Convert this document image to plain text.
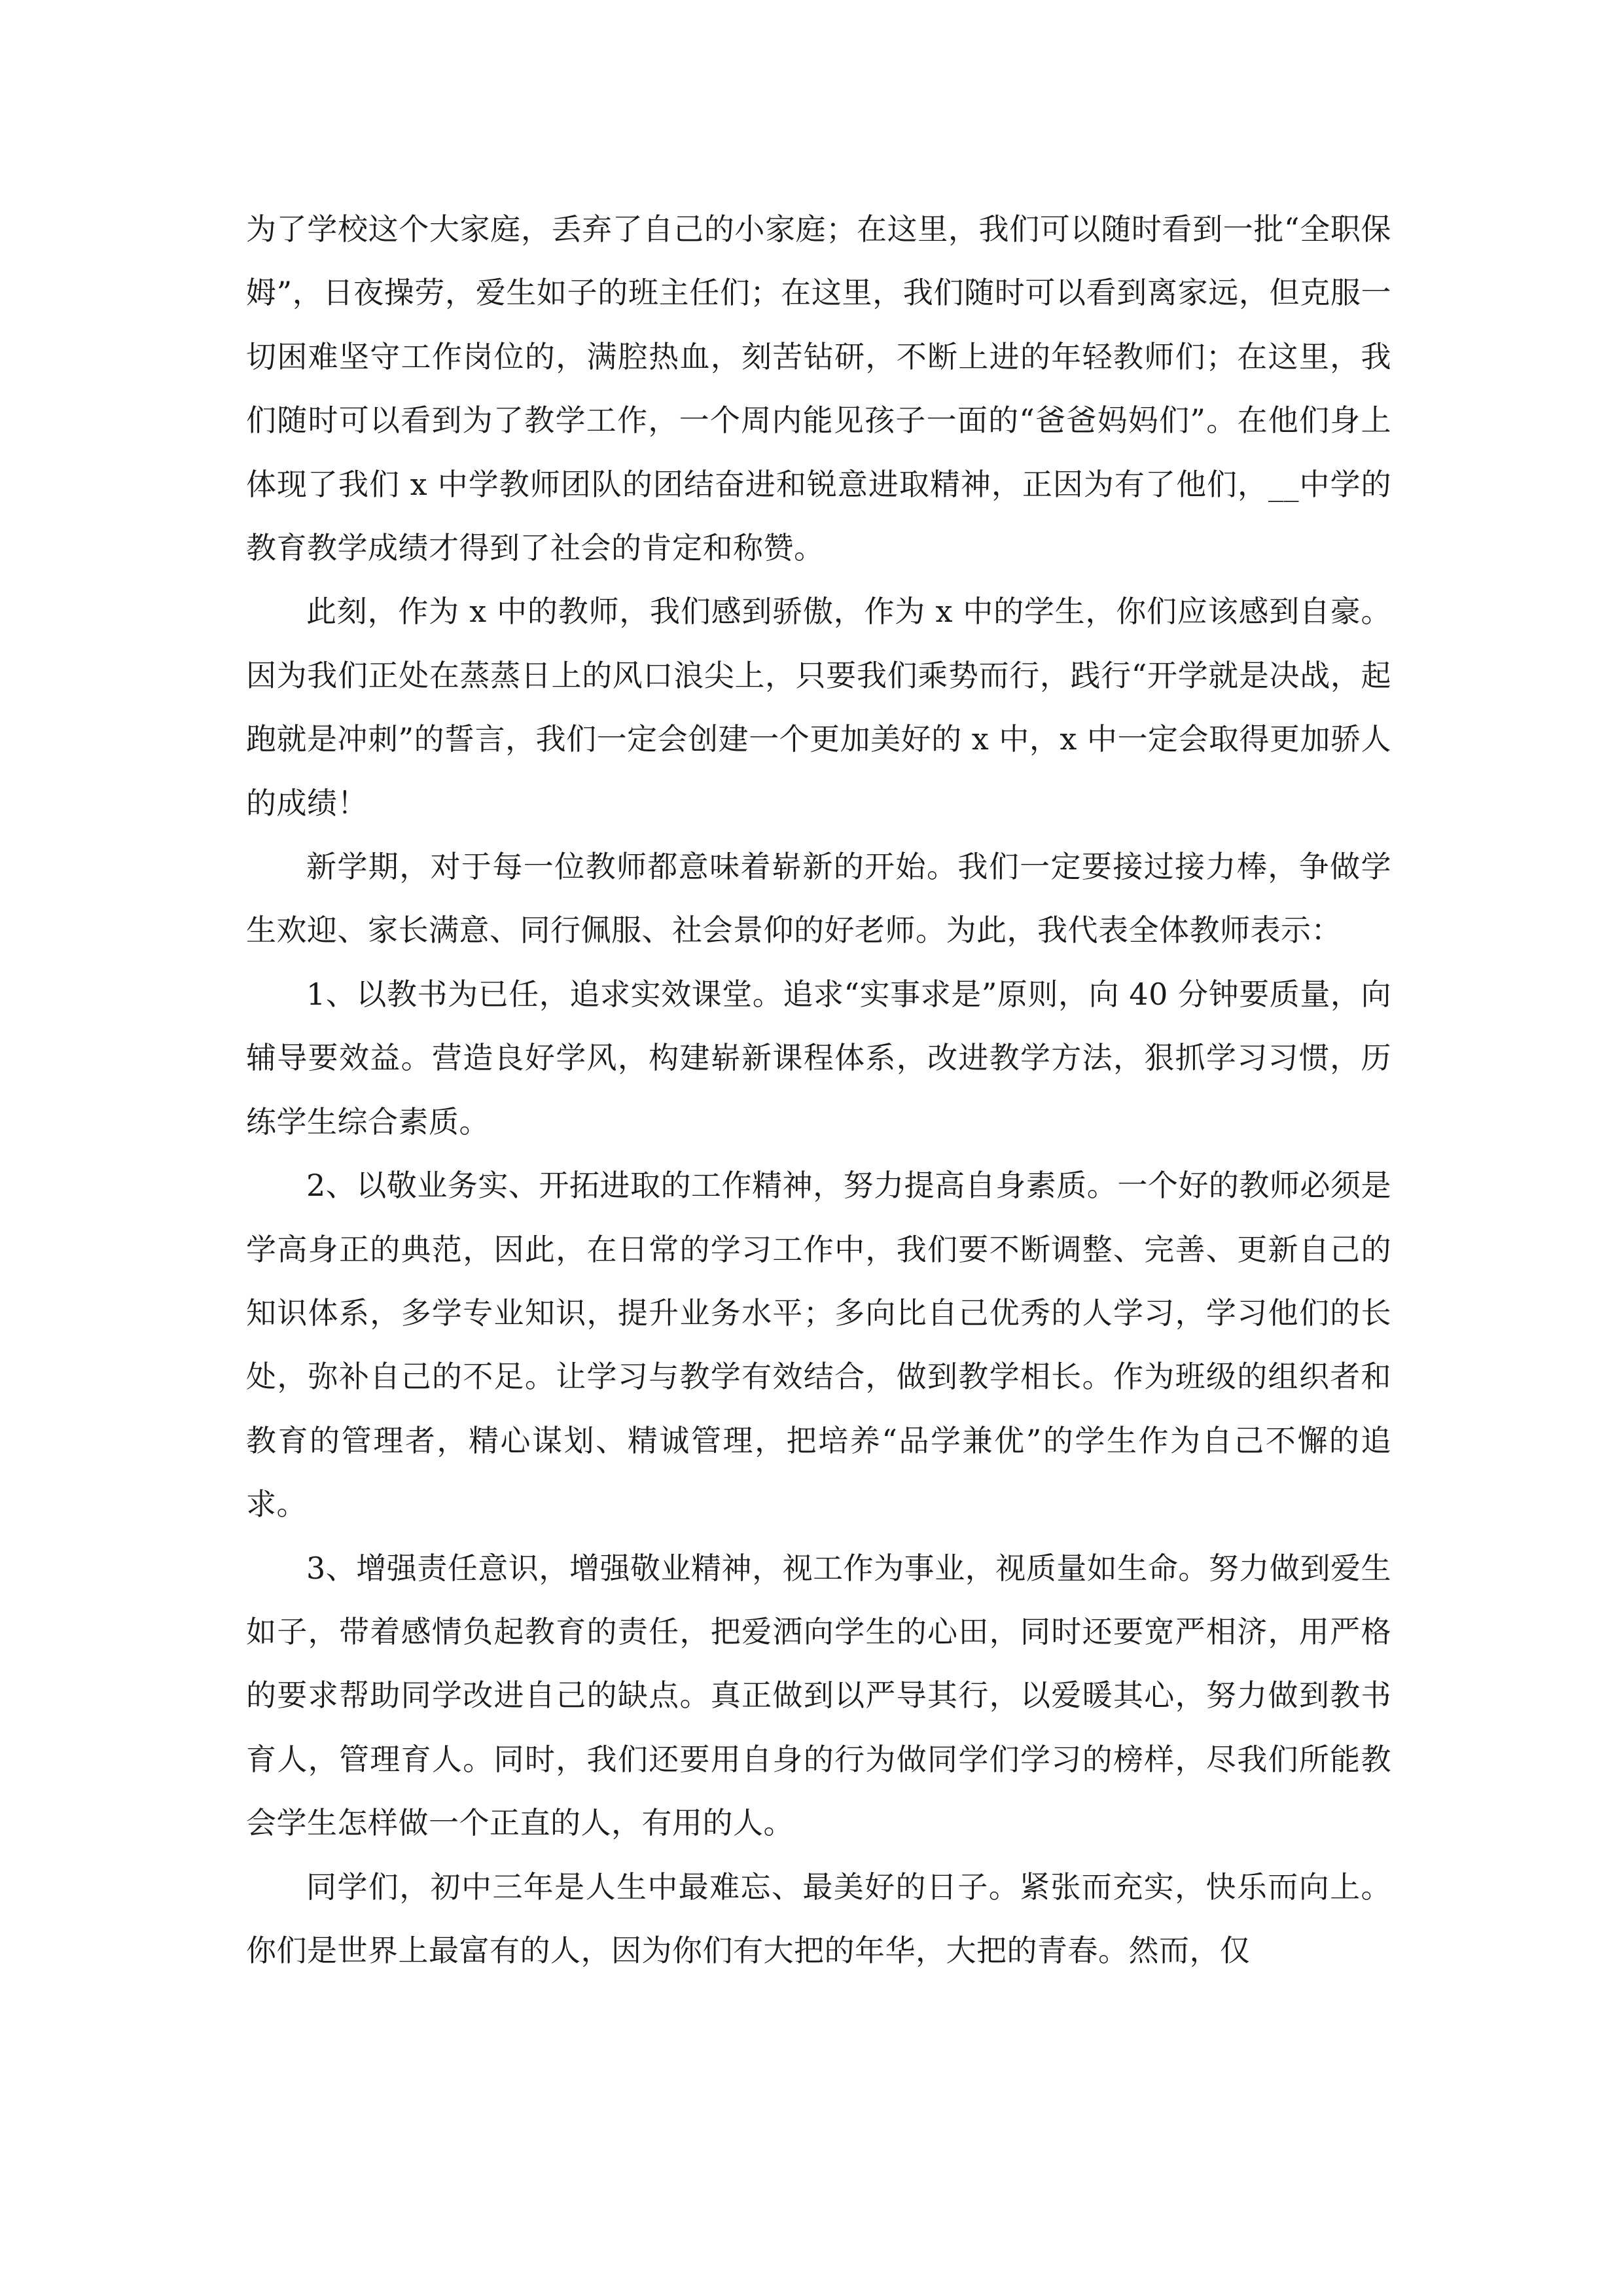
为了学校这个大家庭，丢弃了自己的小家庭；在这里，我们可以随时看到一批“全职保姆”，日夜操劳，爱生如子的班主任们；在这里，我们随时可以看到离家远，但克服一切困难坚守工作岗位的，满腔热血，刻苦钻研，不断上进的年轻教师们；在这里，我们随时可以看到为了教学工作，一个周内能见孩子一面的“爸爸妈妈们”。在他们身上体现了我们 x 中学教师团队的团结奋进和锐意进取精神，正因为有了他们，__中学的教育教学成绩才得到了社会的肯定和称赞。

此刻，作为 x 中的教师，我们感到骄傲，作为 x 中的学生，你们应该感到自豪。因为我们正处在蒸蒸日上的风口浪尖上，只要我们乘势而行，践行“开学就是决战，起跑就是冲刺”的誓言，我们一定会创建一个更加美好的 x 中，x 中一定会取得更加骄人的成绩！

新学期，对于每一位教师都意味着崭新的开始。我们一定要接过接力棒，争做学生欢迎、家长满意、同行佩服、社会景仰的好老师。为此，我代表全体教师表示：

1、以教书为已任，追求实效课堂。追求“实事求是”原则，向 40 分钟要质量，向辅导要效益。营造良好学风，构建崭新课程体系，改进教学方法，狠抓学习习惯，历练学生综合素质。

2、以敬业务实、开拓进取的工作精神，努力提高自身素质。一个好的教师必须是学高身正的典范，因此，在日常的学习工作中，我们要不断调整、完善、更新自己的知识体系，多学专业知识，提升业务水平；多向比自己优秀的人学习，学习他们的长处，弥补自己的不足。让学习与教学有效结合，做到教学相长。作为班级的组织者和教育的管理者，精心谋划、精诚管理，把培养“品学兼优”的学生作为自己不懈的追求。

3、增强责任意识，增强敬业精神，视工作为事业，视质量如生命。努力做到爱生如子，带着感情负起教育的责任，把爱洒向学生的心田，同时还要宽严相济，用严格的要求帮助同学改进自己的缺点。真正做到以严导其行，以爱暖其心，努力做到教书育人，管理育人。同时，我们还要用自身的行为做同学们学习的榜样，尽我们所能教会学生怎样做一个正直的人，有用的人。

同学们，初中三年是人生中最难忘、最美好的日子。紧张而充实，快乐而向上。你们是世界上最富有的人，因为你们有大把的年华，大把的青春。然而，仅
